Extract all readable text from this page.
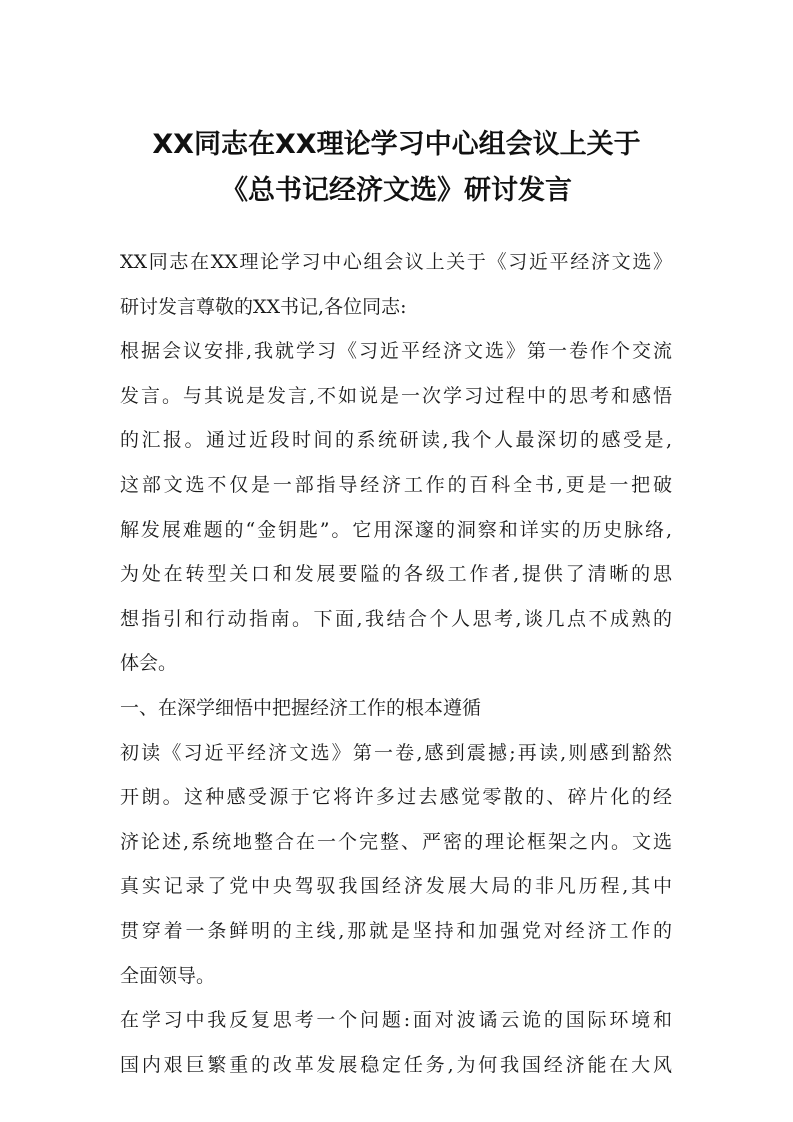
XX同志在XX理论学习中心组会议上关于
《总书记经济文选》研讨发言
XX同志在XX理论学习中心组会议上关于《习近平经济文选》
研讨发言尊敬的XX书记,各位同志:
根据会议安排,我就学习《习近平经济文选》第一卷作个交流
发言。与其说是发言,不如说是一次学习过程中的思考和感悟
的汇报。通过近段时间的系统研读,我个人最深切的感受是,
这部文选不仅是一部指导经济工作的百科全书,更是一把破
解发展难题的“金钥匙”。它用深邃的洞察和详实的历史脉络,
为处在转型关口和发展要隘的各级工作者,提供了清晰的思
想指引和行动指南。下面,我结合个人思考,谈几点不成熟的
体会。
一、在深学细悟中把握经济工作的根本遵循
初读《习近平经济文选》第一卷,感到震撼;再读,则感到豁然
开朗。这种感受源于它将许多过去感觉零散的、碎片化的经
济论述,系统地整合在一个完整、严密的理论框架之内。文选
真实记录了党中央驾驭我国经济发展大局的非凡历程,其中
贯穿着一条鲜明的主线,那就是坚持和加强党对经济工作的
全面领导。
在学习中我反复思考一个问题:面对波谲云诡的国际环境和
国内艰巨繁重的改革发展稳定任务,为何我国经济能在大风
